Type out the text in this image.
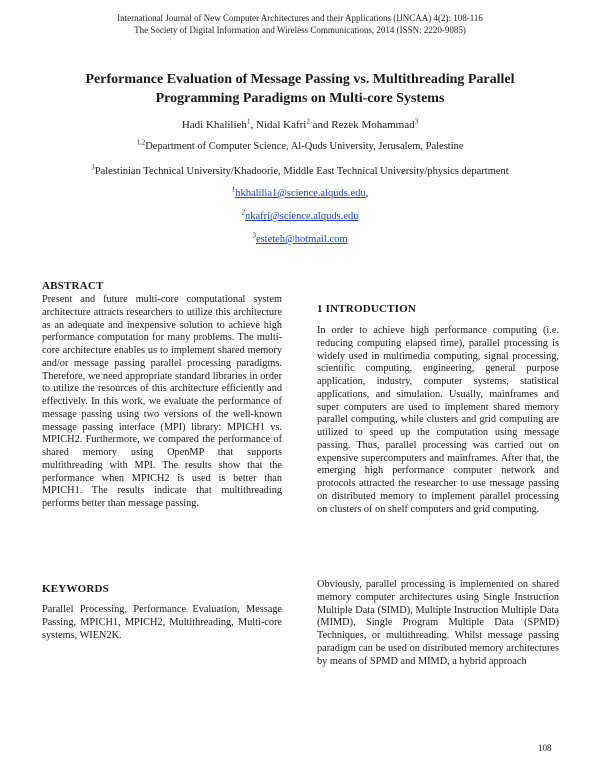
International Journal of New Computer Architectures and their Applications (IJNCAA) 4(2): 108-116
The Society of Digital Information and Wireless Communications, 2014 (ISSN: 2220-9085)
Performance Evaluation of Message Passing vs. Multithreading Parallel
Programming Paradigms on Multi-core Systems
Hadi Khalilieh$^1$, Nidal Kafri$^2$ and Rezek Mohammad$^3$
$^{1,2}$Department of Computer Science, Al-Quds University, Jerusalem, Palestine
$^3$Palestinian Technical University/Khadoorie, Middle East Technical University/physics department
$^1$hkhalilia1@science.alquds.edu,
$^2$nkafri@science.alquds.edu
$^3$esteteh@hotmail.com
ABSTRACT

Present and future multi-core computational system architecture attracts researchers to utilize this architecture as an adequate and inexpensive solution to achieve high performance computation for many problems. The multi-core architecture enables us to implement shared memory and/or message passing parallel processing paradigms. Therefore, we need appropriate standard libraries in order to utilize the resources of this architecture efficiently and effectively. In this work, we evaluate the performance of message passing using two versions of the well-known message passing interface (MPI) library: MPICH1 vs. MPICH2. Furthermore, we compared the performance of shared memory using OpenMP that supports multithreading with MPI. The results show that the performance when MPICH2 is used is better than MPICH1. The results indicate that multithreading performs better than message passing.

KEYWORDS

Parallel Processing, Performance Evaluation, Message Passing, MPICH1, MPICH2, Multithreading, Multi-core systems, WIEN2K.

1 INTRODUCTION

In order to achieve high performance computing (i.e. reducing computing elapsed time), parallel processing is widely used in multimedia computing, signal processing, scientific computing, engineering, general purpose application, industry, computer systems, statistical applications, and simulation. Usually, mainframes and super computers are used to implement shared memory parallel computing, while clusters and grid computing are utilized to speed up the computation using message passing. Thus, parallel processing was carried out on expensive supercomputers and mainframes. After that, the emerging high performance computer network and protocols attracted the researcher to use message passing on distributed memory to implement parallel processing on clusters of on shelf computers and grid computing.

Obviously, parallel processing is implemented on shared memory computer architectures using Single Instruction Multiple Data (SIMD), Multiple Instruction Multiple Data (MIMD), Single Program Multiple Data (SPMD) Techniques, or multithreading. Whilst message passing paradigm can be used on distributed memory architectures by means of SPMD and MIMD, a hybrid approach

108
